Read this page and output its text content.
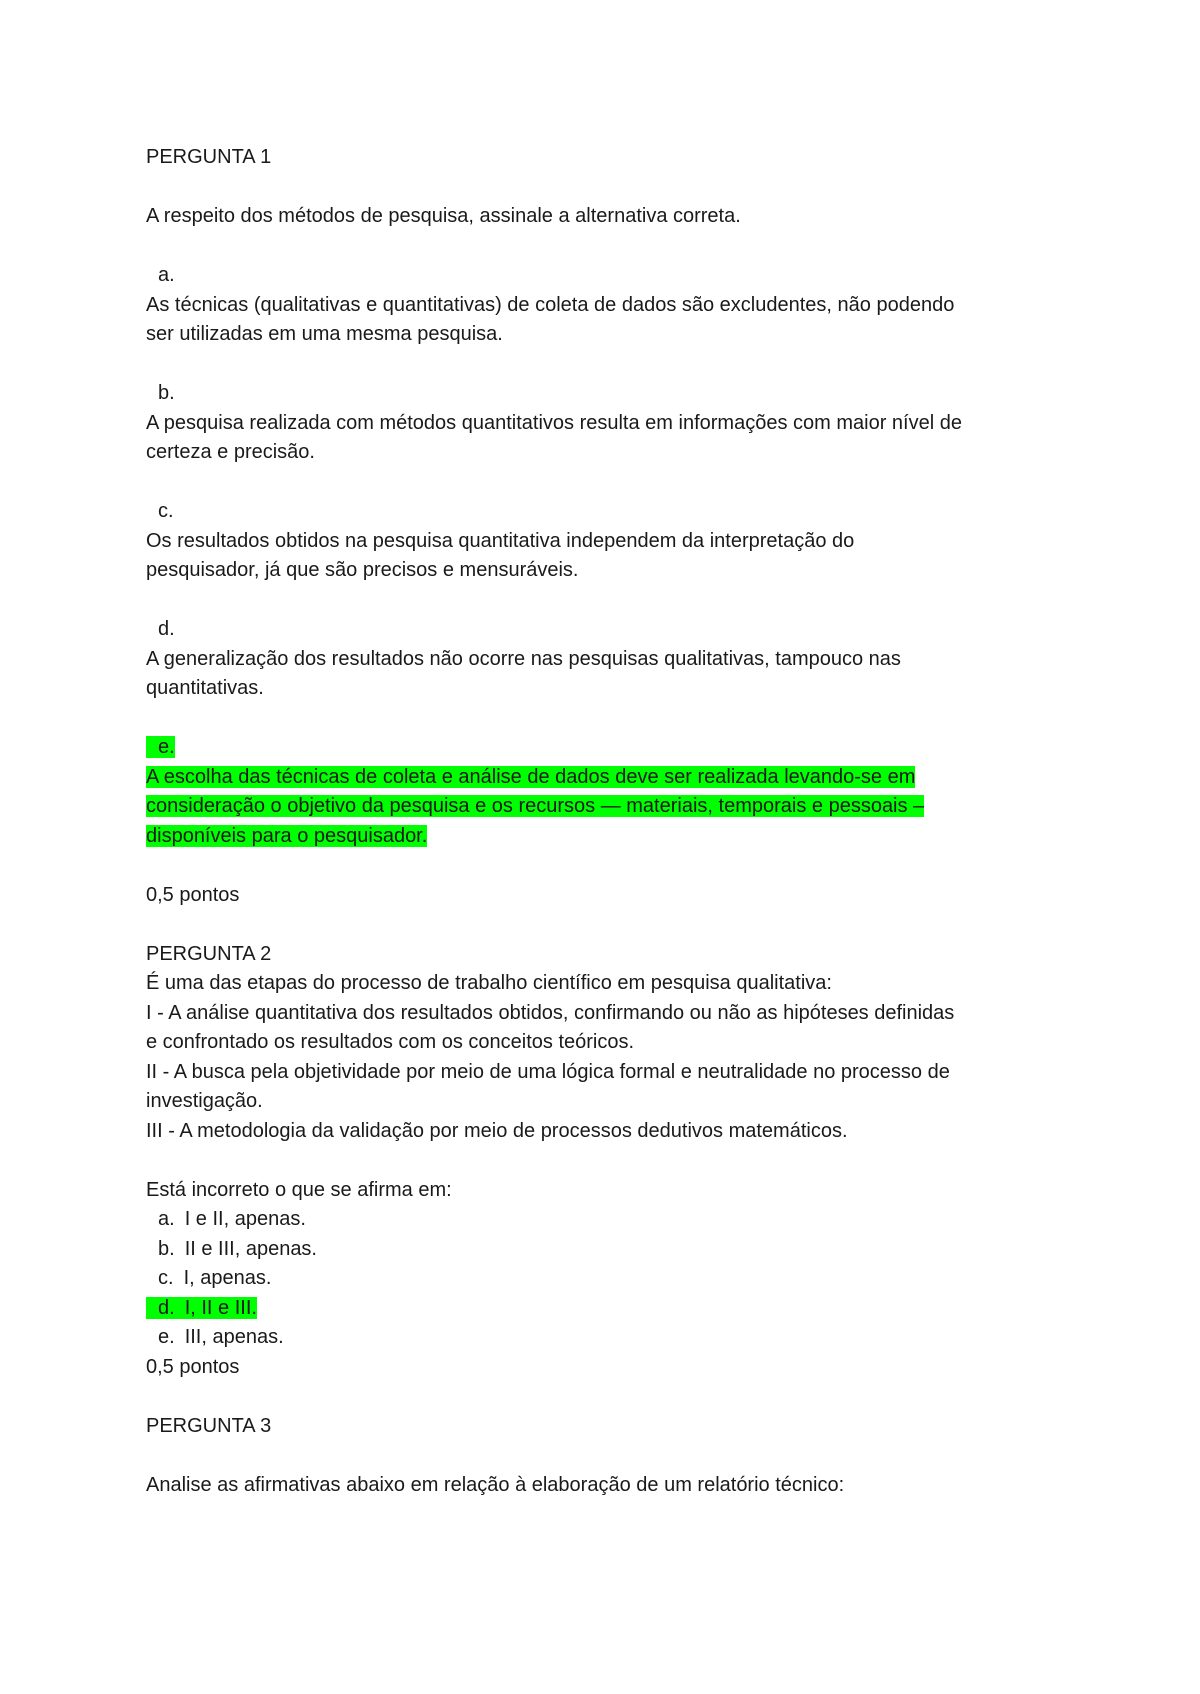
PERGUNTA 1
A respeito dos métodos de pesquisa, assinale a alternativa correta.
a.
As técnicas (qualitativas e quantitativas) de coleta de dados são excludentes, não podendo
ser utilizadas em uma mesma pesquisa.
b.
A pesquisa realizada com métodos quantitativos resulta em informações com maior nível de
certeza e precisão.
c.
Os resultados obtidos na pesquisa quantitativa independem da interpretação do
pesquisador, já que são precisos e mensuráveis.
d.
A generalização dos resultados não ocorre nas pesquisas qualitativas, tampouco nas
quantitativas.
e.
A escolha das técnicas de coleta e análise de dados deve ser realizada levando-se em
consideração o objetivo da pesquisa e os recursos — materiais, temporais e pessoais –
disponíveis para o pesquisador.
0,5 pontos
PERGUNTA 2
É uma das etapas do processo de trabalho científico em pesquisa qualitativa:
I - A análise quantitativa dos resultados obtidos, confirmando ou não as hipóteses definidas
e confrontado os resultados com os conceitos teóricos.
II - A busca pela objetividade por meio de uma lógica formal e neutralidade no processo de
investigação.
III - A metodologia da validação por meio de processos dedutivos matemáticos.
Está incorreto o que se afirma em:
a. I e II, apenas.
b. II e III, apenas.
c. I, apenas.
d. I, II e III.
e. III, apenas.
0,5 pontos
PERGUNTA 3
Analise as afirmativas abaixo em relação à elaboração de um relatório técnico:
